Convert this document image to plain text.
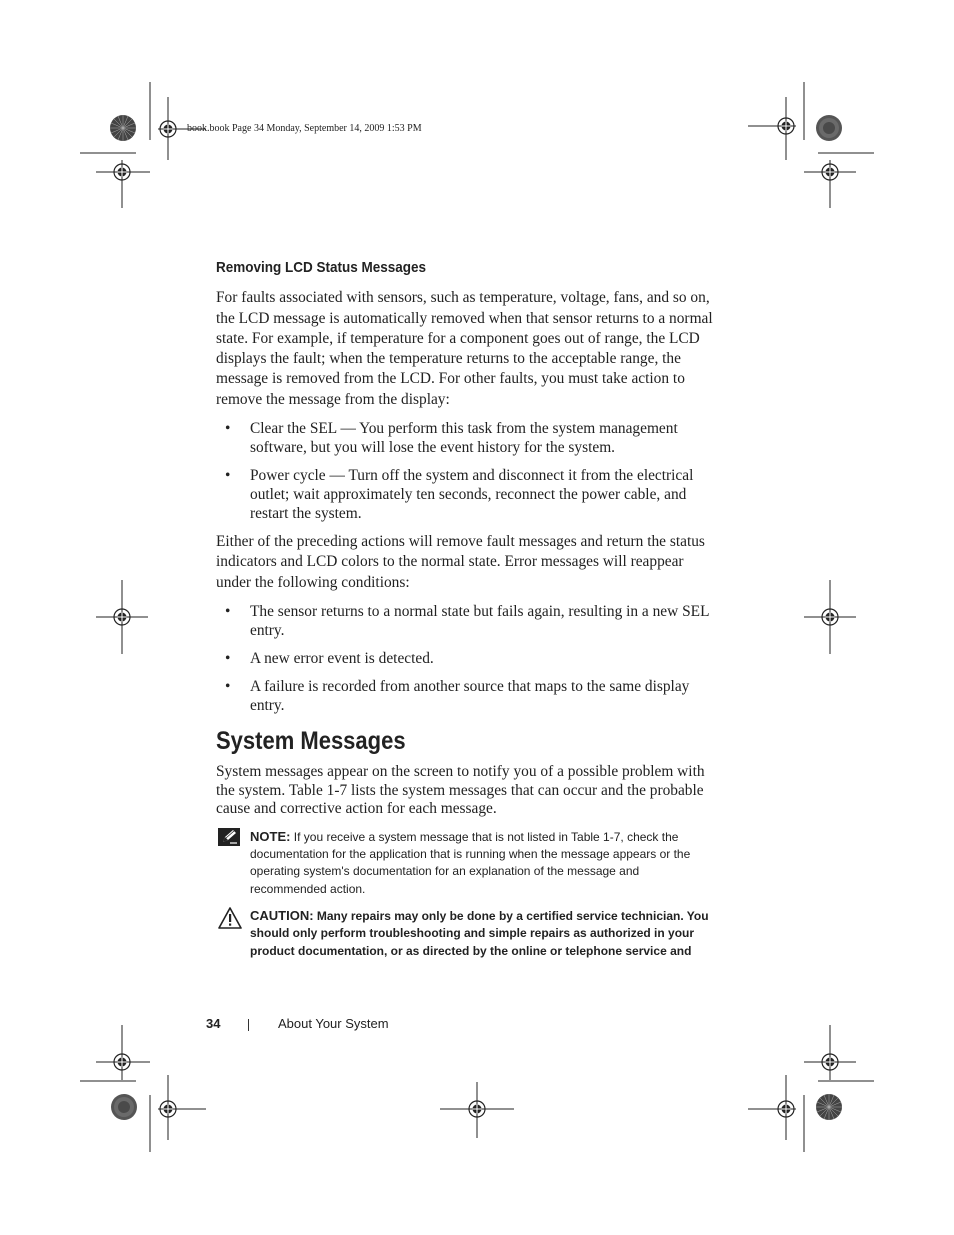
book.book Page 34 Monday, September 14, 2009 1:53 PM
Removing LCD Status Messages

For faults associated with sensors, such as temperature, voltage, fans, and so on, the LCD message is automatically removed when that sensor returns to a normal state. For example, if temperature for a component goes out of range, the LCD displays the fault; when the temperature returns to the acceptable range, the message is removed from the LCD. For other faults, you must take action to remove the message from the display:

• Clear the SEL — You perform this task from the system management software, but you will lose the event history for the system.
• Power cycle — Turn off the system and disconnect it from the electrical outlet; wait approximately ten seconds, reconnect the power cable, and restart the system.

Either of the preceding actions will remove fault messages and return the status indicators and LCD colors to the normal state. Error messages will reappear under the following conditions:

• The sensor returns to a normal state but fails again, resulting in a new SEL entry.
• A new error event is detected.
• A failure is recorded from another source that maps to the same display entry.
System Messages

System messages appear on the screen to notify you of a possible problem with the system. Table 1-7 lists the system messages that can occur and the probable cause and corrective action for each message.

NOTE: If you receive a system message that is not listed in Table 1-7, check the documentation for the application that is running when the message appears or the operating system's documentation for an explanation of the message and recommended action.
CAUTION: Many repairs may only be done by a certified service technician. You should only perform troubleshooting and simple repairs as authorized in your product documentation, or as directed by the online or telephone service and
34	About Your System
